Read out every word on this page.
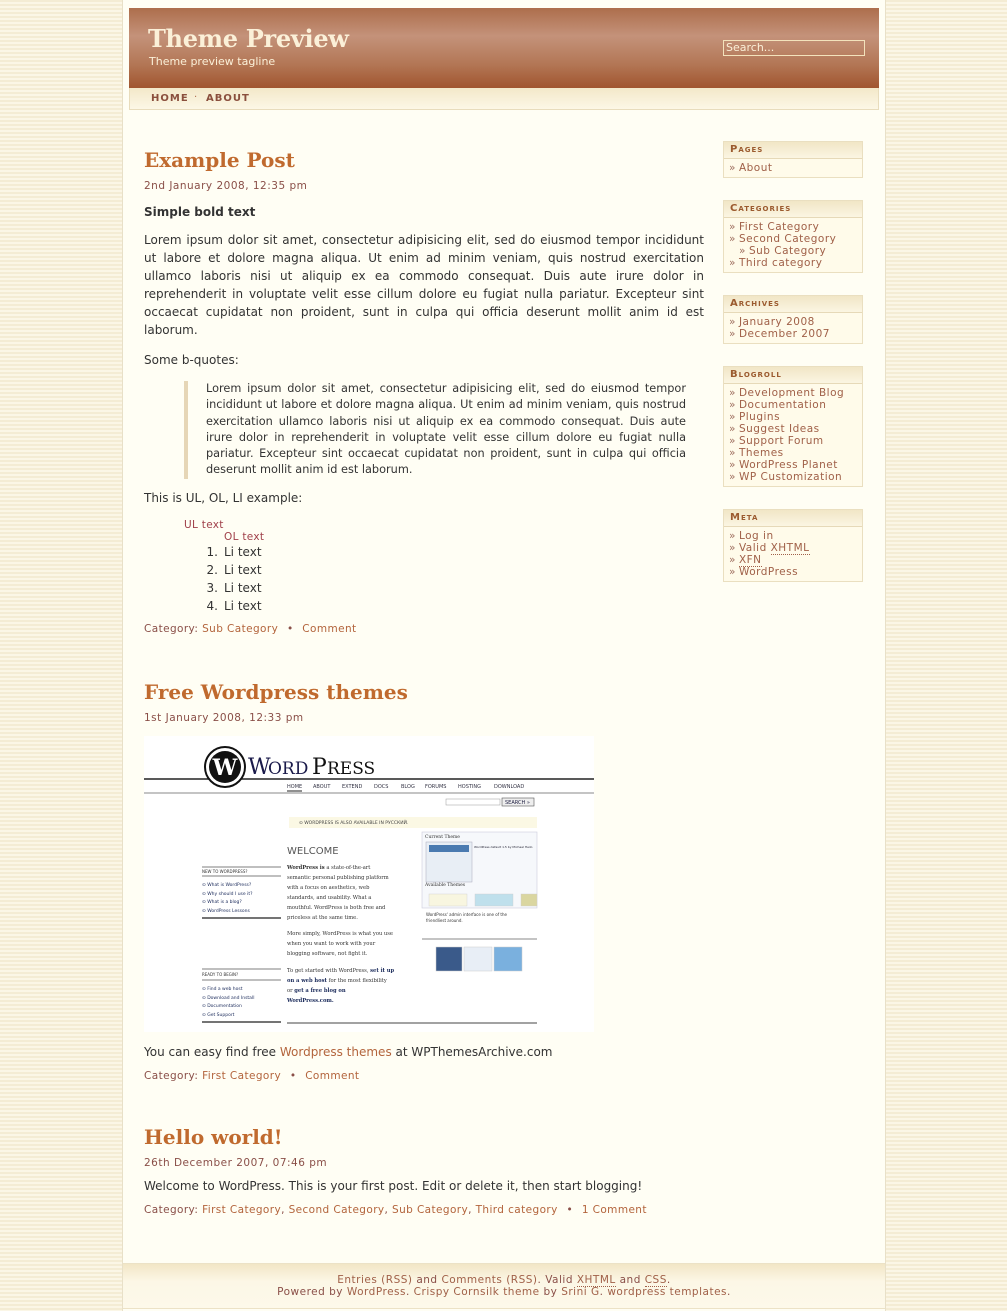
Theme Preview
Theme preview tagline
Search...
HOME · ABOUT
Example Post
2nd January 2008, 12:35 pm
Simple bold text

Lorem ipsum dolor sit amet, consectetur adipisicing elit, sed do eiusmod tempor incididunt ut labore et dolore magna aliqua. Ut enim ad minim veniam, quis nostrud exercitation ullamco laboris nisi ut aliquip ex ea commodo consequat. Duis aute irure dolor in reprehenderit in voluptate velit esse cillum dolore eu fugiat nulla pariatur. Excepteur sint occaecat cupidatat non proident, sunt in culpa qui officia deserunt mollit anim id est laborum.

Some b-quotes:

Lorem ipsum dolor sit amet, consectetur adipisicing elit, sed do eiusmod tempor incididunt ut labore et dolore magna aliqua. Ut enim ad minim veniam, quis nostrud exercitation ullamco laboris nisi ut aliquip ex ea commodo consequat. Duis aute irure dolor in reprehenderit in voluptate velit esse cillum dolore eu fugiat nulla pariatur. Excepteur sint occaecat cupidatat non proident, sunt in culpa qui officia deserunt mollit anim id est laborum.

This is UL, OL, LI example:

UL text
OL text
1. Li text
2. Li text
3. Li text
4. Li text
Category: Sub Category • Comment
Free Wordpress themes
1st January 2008, 12:33 pm
W W
ORD P RESS
HOME ABOUT EXTEND DOCS	BLOG FORUMS HOSTING	DOWNLOAD
SEARCH »
⊙ WORDPRESS IS ALSO AVAILABLE IN РУССКИЙ.
WELCOME
WordPress is a state-of-the-art
semantic personal publishing platform
with a focus on aesthetics, web
standards, and usability. What a
mouthful. WordPress is both free and
priceless at the same time.
More simply, WordPress is what you use
when you want to work with your
blogging software, not fight it.
To get started with WordPress, set it up
on a web host for the most flexibility
or get a free blog on
WordPress.com.
NEW TO WORDPRESS?
⊙ What is WordPress?
⊙ Why should I use it?
⊙ What is a blog?
⊙ WordPress Lessons
READY TO BEGIN?
⊙ Find a web host
⊙ Download and Install
⊙ Documentation
⊙ Get Support
Current Theme
WordPress default 1.5 by Michael Heilo
Available Themes
WordPress' admin interface is one of the
friendliest around.

You can easy find free Wordpress themes at WPThemesArchive.com

Category: First Category • Comment
Hello world!
26th December 2007, 07:46 pm

Welcome to WordPress. This is your first post. Edit or delete it, then start blogging!

Category: First Category, Second Category, Sub Category, Third category • 1 Comment
Pages
» About
Categories
» First Category
» Second Category
» Sub Category
» Third category
Archives
» January 2008
» December 2007
Blogroll
» Development Blog
» Documentation
» Plugins
» Suggest Ideas
» Support Forum
» Themes
» WordPress Planet
» WP Customization
Meta
» Log in
» Valid XHTML
» XFN
» WordPress
Entries (RSS) and Comments (RSS). Valid XHTML and CSS.
Powered by WordPress. Crispy Cornsilk theme by Srini G. wordpress templates.
